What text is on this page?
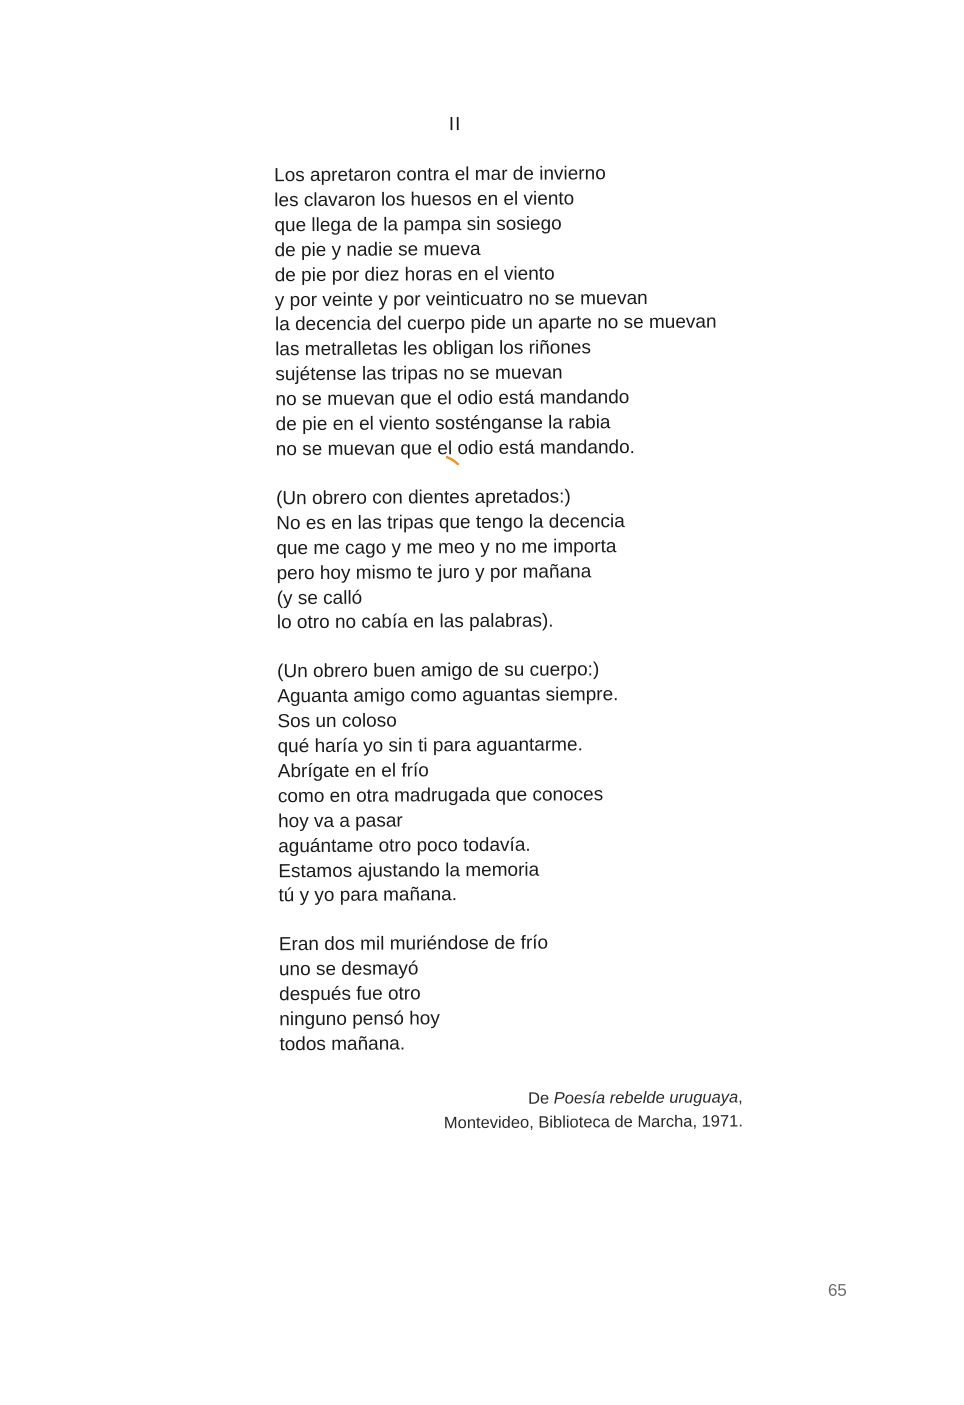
II
Los apretaron contra el mar de invierno
les clavaron los huesos en el viento
que llega de la pampa sin sosiego
de pie y nadie se mueva
de pie por diez horas en el viento
y por veinte y por veinticuatro no se muevan
la decencia del cuerpo pide un aparte no se muevan
las metralletas les obligan los riñones
sujétense las tripas no se muevan
no se muevan que el odio está mandando
de pie en el viento sosténganse la rabia
no se muevan que el odio está mandando.
(Un obrero con dientes apretados:)
No es en las tripas que tengo la decencia
que me cago y me meo y no me importa
pero hoy mismo te juro y por mañana
(y se calló
lo otro no cabía en las palabras).
(Un obrero buen amigo de su cuerpo:)
Aguanta amigo como aguantas siempre.
Sos un coloso
qué haría yo sin ti para aguantarme.
Abrígate en el frío
como en otra madrugada que conoces
hoy va a pasar
aguántame otro poco todavía.
Estamos ajustando la memoria
tú y yo para mañana.
Eran dos mil muriéndose de frío
uno se desmayó
después fue otro
ninguno pensó hoy
todos mañana.
De Poesía rebelde uruguaya,
Montevideo, Biblioteca de Marcha, 1971.
65
